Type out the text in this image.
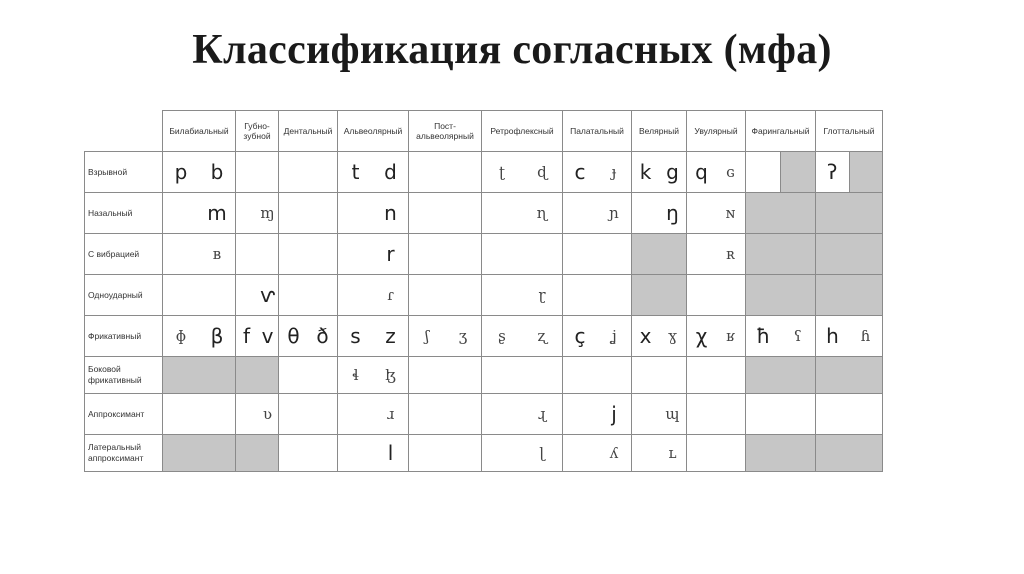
Классификация согласных (мфа)
	Билабиальный	Губно-зубной	Дентальный	Альвеолярный	Пост-альвеолярный	Ретрофлексный	Палатальный	Велярный	Увулярный	Фарингальный	Глоттальный
Взрывной	p b			t d		ʈ ɖ	c ɟ	k g	q ɢ		ʔ

Назальный	m	ɱ		n		ɳ	ɲ	ŋ	ɴ		

С вибрацией	ʙ			r					ʀ		

Одноударный		ⱱ		ɾ		ɽ					

Фрикативный	ɸ β	f v	θ ð	s z	ʃ ʒ	ʂ ʐ	ç ʝ	x ɣ	χ ʁ	ħ ʕ	h ɦ

Боковой фрикативный				ɬ ɮ							

Аппроксимант		ʋ		ɹ		ɻ	j	ɰ			

Латеральный аппроксимант				l		ɭ	ʎ	ʟ			
